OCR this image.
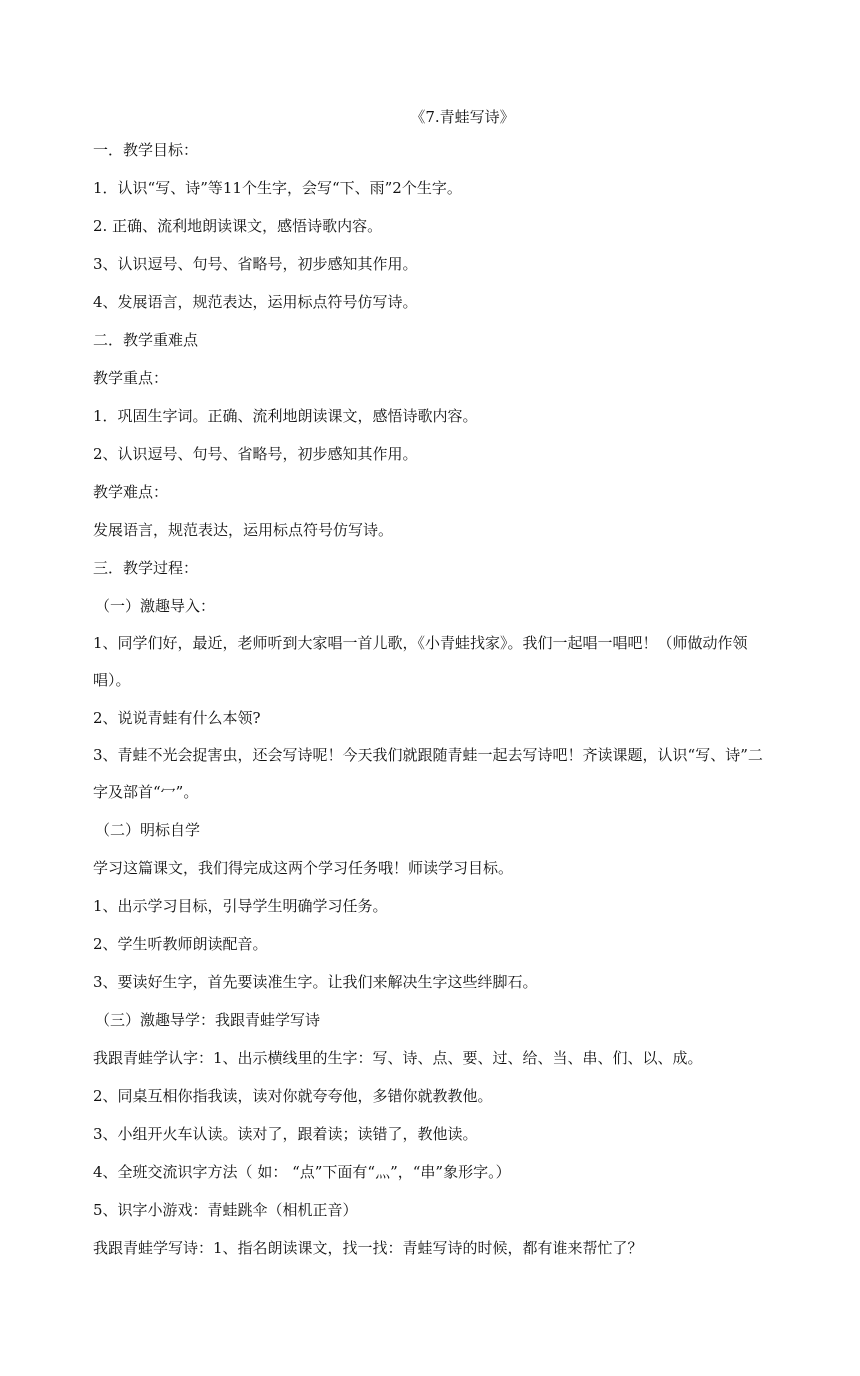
《7.青蛙写诗》

一．教学目标：

1．认识“写、诗”等11个生字，会写“下、雨”2个生字。

2. 正确、流利地朗读课文，感悟诗歌内容。

3、认识逗号、句号、省略号，初步感知其作用。

4、发展语言，规范表达，运用标点符号仿写诗。

二．教学重难点

教学重点：

1．巩固生字词。正确、流利地朗读课文，感悟诗歌内容。

2、认识逗号、句号、省略号，初步感知其作用。

教学难点：

发展语言，规范表达，运用标点符号仿写诗。

三．教学过程：

（一）激趣导入：

1、同学们好，最近，老师听到大家唱一首儿歌，《小青蛙找家》。我们一起唱一唱吧！（师做动作领唱）。

2、说说青蛙有什么本领?

3、青蛙不光会捉害虫，还会写诗呢！今天我们就跟随青蛙一起去写诗吧！齐读课题，认识“写、诗”二字及部首“冖”。

（二）明标自学

学习这篇课文，我们得完成这两个学习任务哦！师读学习目标。

1、出示学习目标，引导学生明确学习任务。

2、学生听教师朗读配音。

3、要读好生字，首先要读准生字。让我们来解决生字这些绊脚石。

（三）激趣导学：我跟青蛙学写诗

我跟青蛙学认字：1、出示横线里的生字：写、诗、点、要、过、给、当、串、们、以、成。

2、同桌互相你指我读，读对你就夸夸他，多错你就教教他。

3、小组开火车认读。读对了，跟着读；读错了，教他读。

4、全班交流识字方法（ 如： “点”下面有“灬”，“串”象形字。）

5、识字小游戏：青蛙跳伞（相机正音）

我跟青蛙学写诗：1、指名朗读课文，找一找：青蛙写诗的时候，都有谁来帮忙了？
